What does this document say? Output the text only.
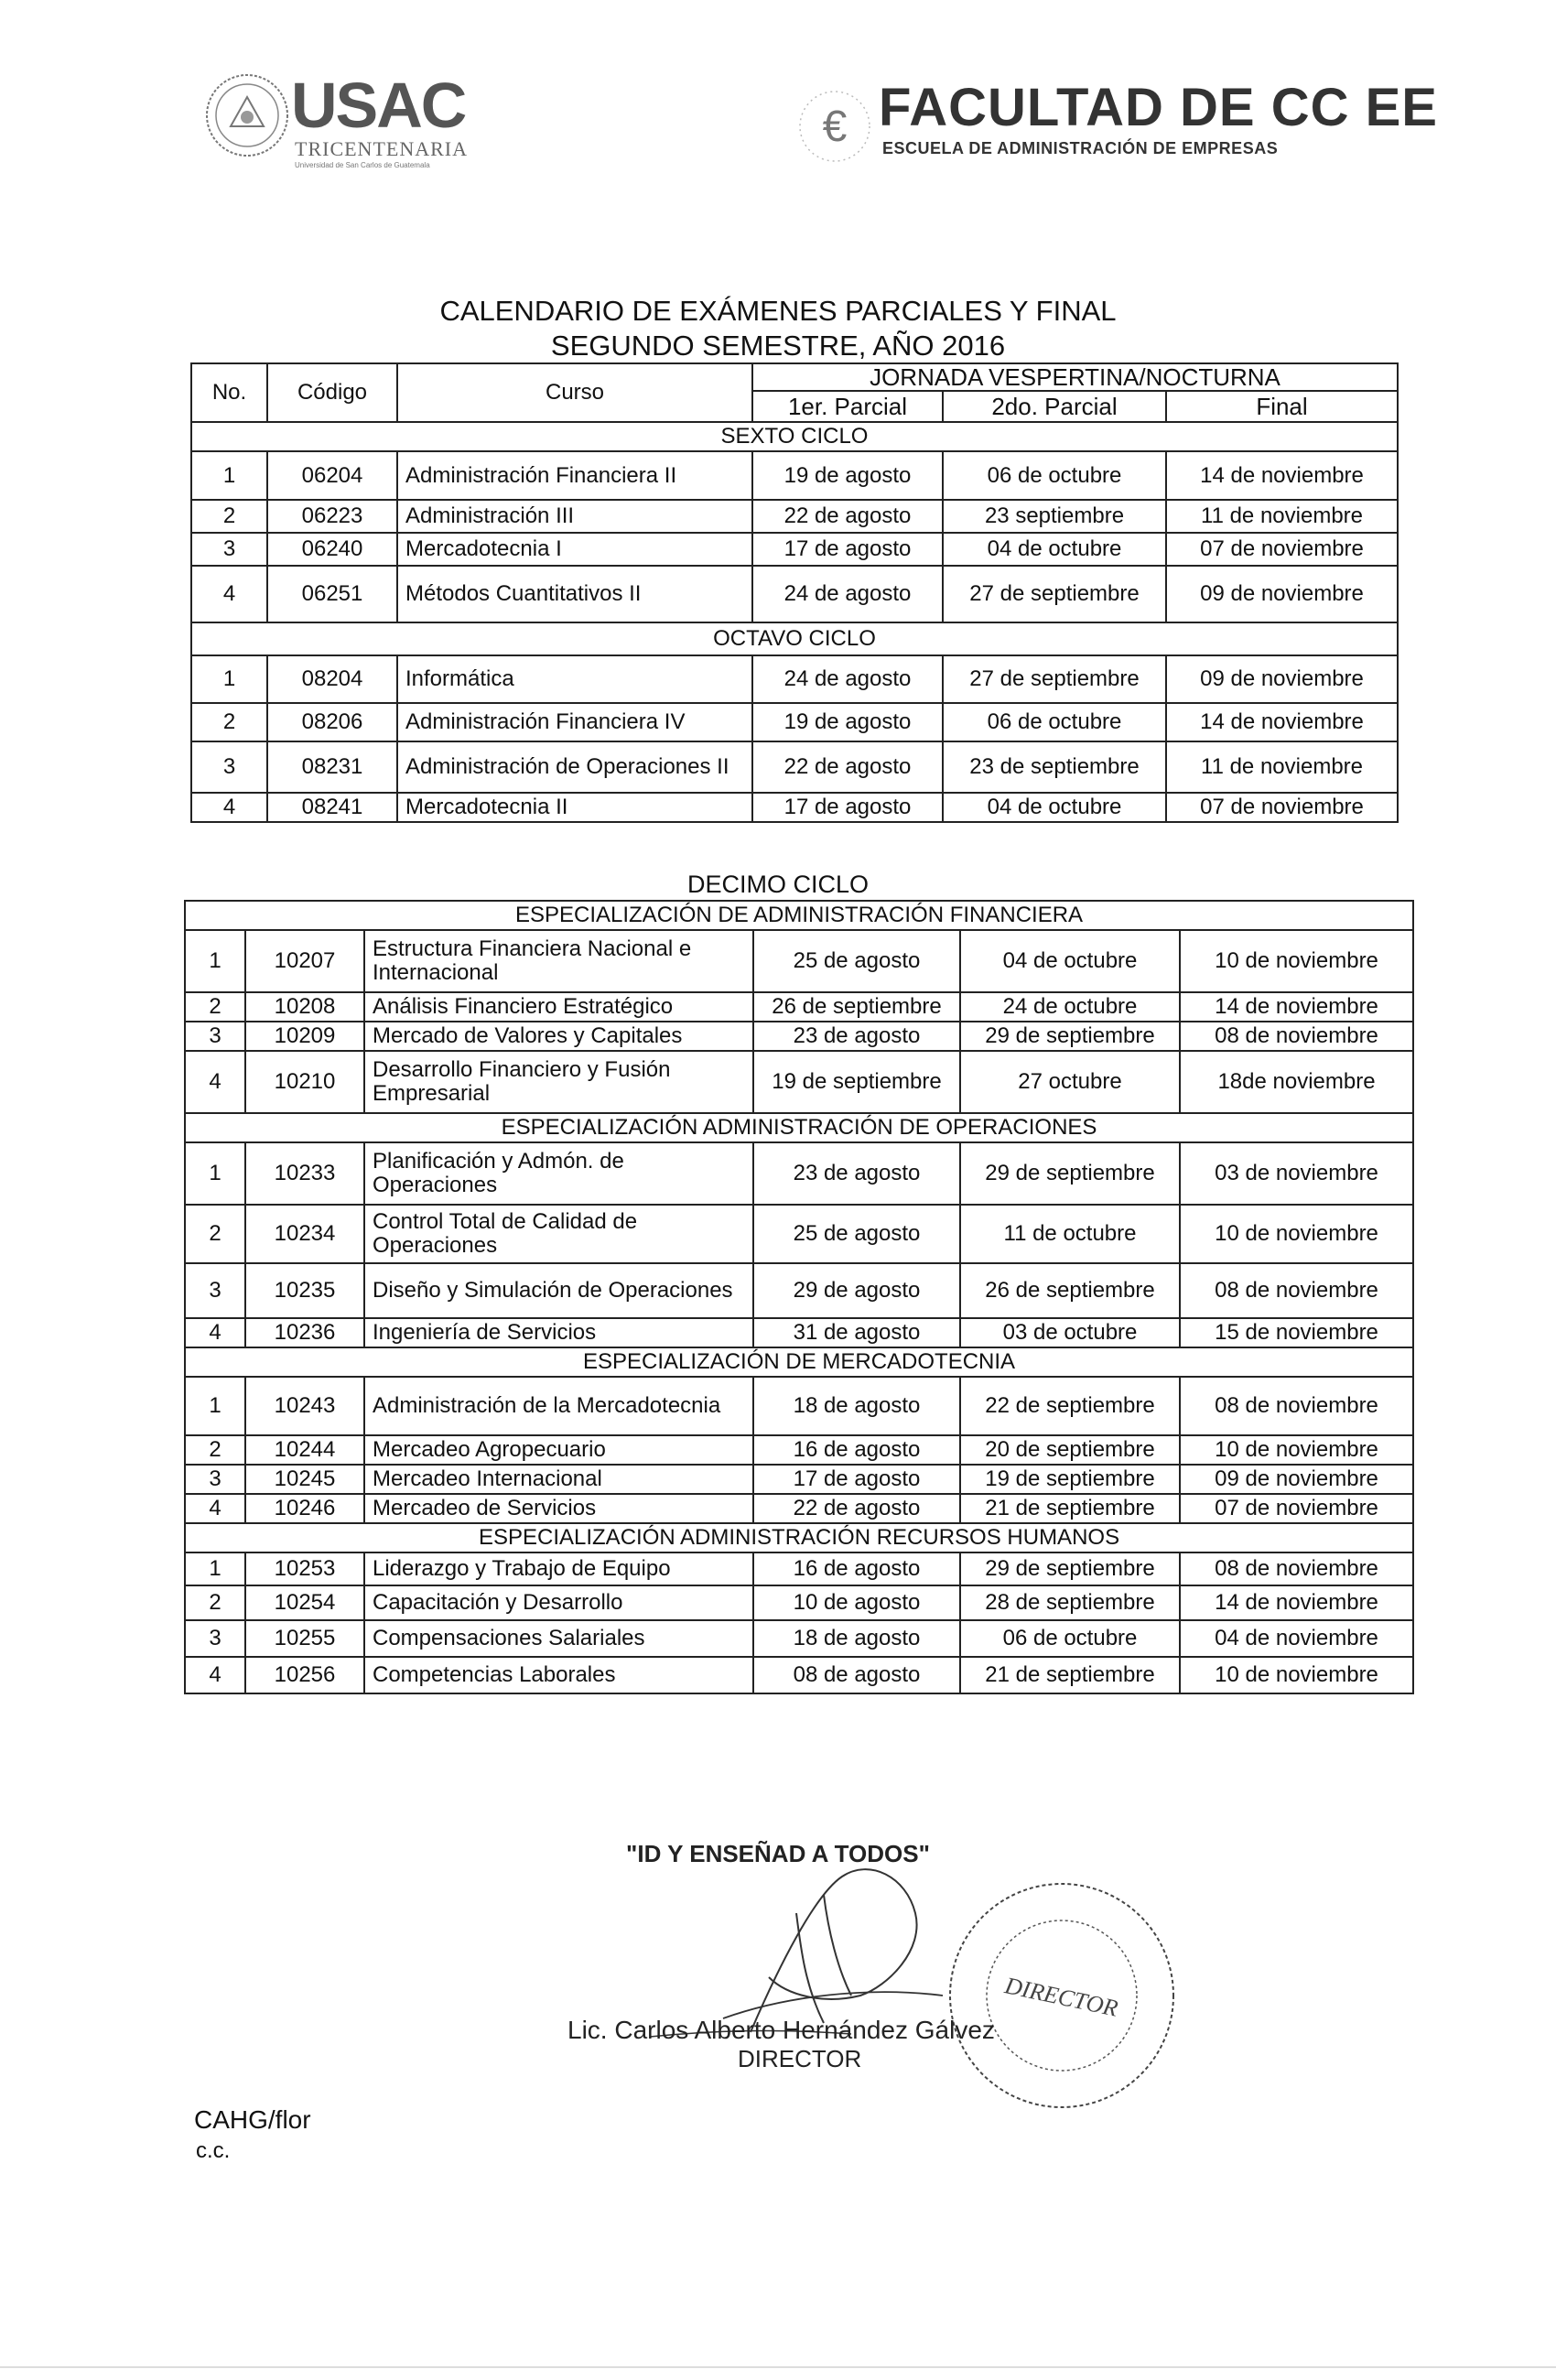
USAC
TRICENTENARIA
Universidad de San Carlos de Guatemala
€ FACULTAD DE CC EE
ESCUELA DE ADMINISTRACIÓN DE EMPRESAS
CALENDARIO DE EXÁMENES PARCIALES Y FINAL
SEGUNDO SEMESTRE, AÑO 2016
No.	Código	Curso	JORNADA VESPERTINA/NOCTURNA		
			1er. Parcial	2do. Parcial	Final
SEXTO CICLO					
1	06204	Administración Financiera II	19 de agosto	06 de octubre	14 de noviembre
2	06223	Administración III	22 de agosto	23 septiembre	11 de noviembre
3	06240	Mercadotecnia I	17 de agosto	04 de octubre	07 de noviembre
4	06251	Métodos Cuantitativos II	24 de agosto	27 de septiembre	09 de noviembre
OCTAVO CICLO					
1	08204	Informática	24 de agosto	27 de septiembre	09 de noviembre
2	08206	Administración Financiera IV	19 de agosto	06 de octubre	14 de noviembre
3	08231	Administración de Operaciones II	22 de agosto	23 de septiembre	11 de noviembre
4	08241	Mercadotecnia II	17 de agosto	04 de octubre	07 de noviembre
DECIMO CICLO
ESPECIALIZACIÓN DE ADMINISTRACIÓN FINANCIERA					
1	10207	Estructura Financiera Nacional e Internacional	25 de agosto	04 de octubre	10 de noviembre
2	10208	Análisis Financiero Estratégico	26 de septiembre	24 de octubre	14 de noviembre
3	10209	Mercado de Valores y Capitales	23 de agosto	29 de septiembre	08 de noviembre
4	10210	Desarrollo Financiero y Fusión Empresarial	19 de septiembre	27 octubre	18de noviembre
ESPECIALIZACIÓN ADMINISTRACIÓN DE OPERACIONES					
1	10233	Planificación y Admón. de Operaciones	23 de agosto	29 de septiembre	03 de noviembre
2	10234	Control Total de Calidad de Operaciones	25 de agosto	11 de octubre	10 de noviembre
3	10235	Diseño y Simulación de Operaciones	29 de agosto	26 de septiembre	08 de noviembre
4	10236	Ingeniería de Servicios	31 de agosto	03 de octubre	15 de noviembre
ESPECIALIZACIÓN DE MERCADOTECNIA					
1	10243	Administración de la Mercadotecnia	18 de agosto	22 de septiembre	08 de noviembre
2	10244	Mercadeo Agropecuario	16 de agosto	20 de septiembre	10 de noviembre
3	10245	Mercadeo Internacional	17 de agosto	19 de septiembre	09 de noviembre
4	10246	Mercadeo de Servicios	22 de agosto	21 de septiembre	07 de noviembre
ESPECIALIZACIÓN ADMINISTRACIÓN RECURSOS HUMANOS					
1	10253	Liderazgo y Trabajo de Equipo	16 de agosto	29 de septiembre	08 de noviembre
2	10254	Capacitación y Desarrollo	10 de agosto	28 de septiembre	14 de noviembre
3	10255	Compensaciones Salariales	18 de agosto	06 de octubre	04 de noviembre
4	10256	Competencias Laborales	08 de agosto	21 de septiembre	10 de noviembre
"ID Y ENSEÑAD A TODOS"
DIRECTOR
Lic. Carlos Alberto Hernández Gálvez
DIRECTOR
CAHG/flor
c.c.
